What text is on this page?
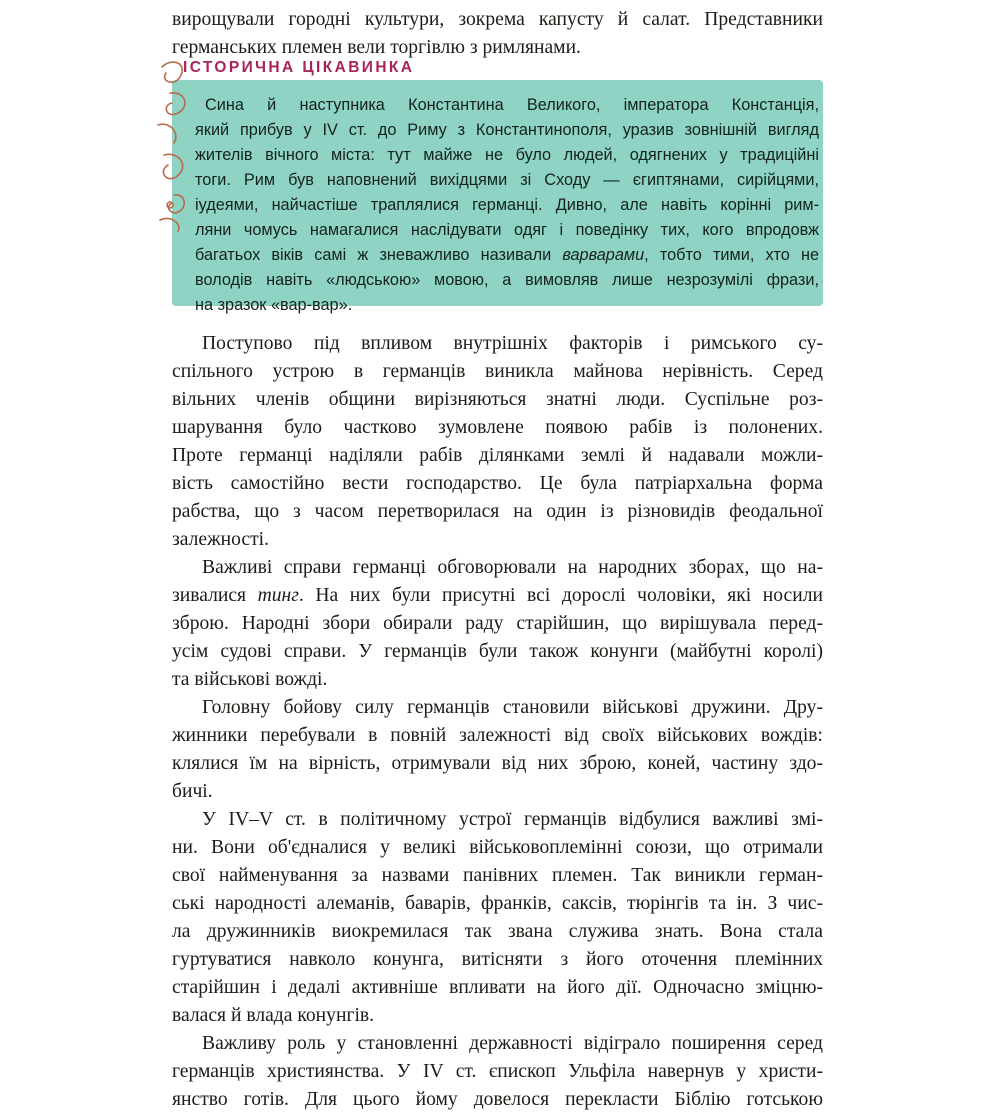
вирощували городні культури, зокрема капусту й салат. Представники
германських племен вели торгівлю з римлянами.
ІСТОРИЧНА ЦІКАВИНКА
Сина й наступника Константина Великого, імператора Констанція,
який прибув у IV ст. до Риму з Константинополя, уразив зовнішній вигляд
жителів вічного міста: тут майже не було людей, одягнених у традиційні
тоги. Рим був наповнений вихідцями зі Сходу — єгиптянами, сирійцями,
іудеями, найчастіше траплялися германці. Дивно, але навіть корінні рим-
ляни чомусь намагалися наслідувати одяг і поведінку тих, кого впродовж
багатьох віків самі ж зневажливо називали варварами, тобто тими, хто не
володів навіть «людською» мовою, а вимовляв лише незрозумілі фрази,
на зразок «вар-вар».
Поступово під впливом внутрішніх факторів і римського су-
спільного устрою в германців виникла майнова нерівність. Серед
вільних членів общини вирізняються знатні люди. Суспільне роз-
шарування було частково зумовлене появою рабів із полонених.
Проте германці наділяли рабів ділянками землі й надавали можли-
вість самостійно вести господарство. Це була патріархальна форма
рабства, що з часом перетворилася на один із різновидів феодальної
залежності.
Важливі справи германці обговорювали на народних зборах, що на-
зивалися тинг. На них були присутні всі дорослі чоловіки, які носили
зброю. Народні збори обирали раду старійшин, що вирішувала перед-
усім судові справи. У германців були також конунги (майбутні королі)
та військові вожді.
Головну бойову силу германців становили військові дружини. Дру-
жинники перебували в повній залежності від своїх військових вождів:
клялися їм на вірність, отримували від них зброю, коней, частину здо-
бичі.
У IV–V ст. в політичному устрої германців відбулися важливі змі-
ни. Вони об'єдналися у великі військовоплемінні союзи, що отримали
свої найменування за назвами панівних племен. Так виникли герман-
ські народності алеманів, баварів, франків, саксів, тюрінгів та ін. З чис-
ла дружинників виокремилася так звана служива знать. Вона стала
гуртуватися навколо конунга, витісняти з його оточення племінних
старійшин і дедалі активніше впливати на його дії. Одночасно зміцню-
валася й влада конунгів.
Важливу роль у становленні державності відіграло поширення серед
германців християнства. У IV ст. єпископ Ульфіла навернув у христи-
янство готів. Для цього йому довелося перекласти Біблію готською
